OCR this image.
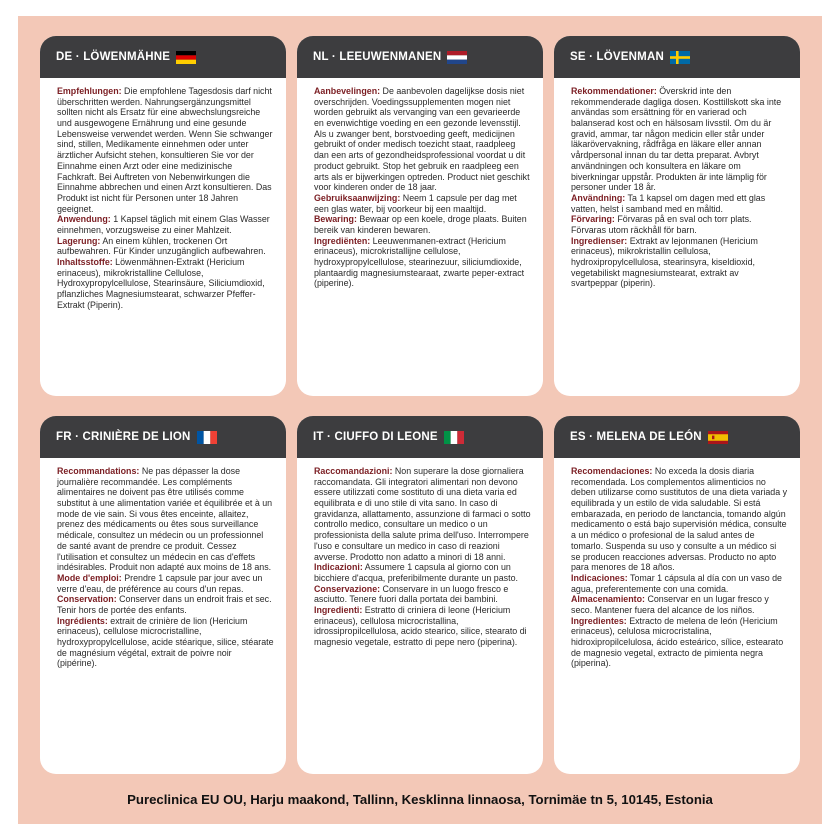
DE · LÖWENMÄHNE

Empfehlungen: Die empfohlene Tagesdosis darf nicht überschritten werden. Nahrungsergänzungsmittel sollten nicht als Ersatz für eine abwechslungsreiche und ausgewogene Ernährung und eine gesunde Lebensweise verwendet werden. Wenn Sie schwanger sind, stillen, Medikamente einnehmen oder unter ärztlicher Aufsicht stehen, konsultieren Sie vor der Einnahme einen Arzt oder eine medizinische Fachkraft. Bei Auftreten von Nebenwirkungen die Einnahme abbrechen und einen Arzt konsultieren. Das Produkt ist nicht für Personen unter 18 Jahren geeignet.

Anwendung: 1 Kapsel täglich mit einem Glas Wasser einnehmen, vorzugsweise zu einer Mahlzeit.

Lagerung: An einem kühlen, trockenen Ort aufbewahren. Für Kinder unzugänglich aufbewahren.

Inhaltsstoffe: Löwenmähnen-Extrakt (Hericium erinaceus), mikrokristalline Cellulose, Hydroxypropylcellulose, Stearinsäure, Siliciumdioxid, pflanzliches Magnesiumstearat, schwarzer Pfeffer-Extrakt (Piperin).

NL · LEEUWENMANEN

Aanbevelingen: De aanbevolen dagelijkse dosis niet overschrijden. Voedingssupplementen mogen niet worden gebruikt als vervanging van een gevarieerde en evenwichtige voeding en een gezonde levensstijl. Als u zwanger bent, borstvoeding geeft, medicijnen gebruikt of onder medisch toezicht staat, raadpleeg dan een arts of gezondheidsprofessional voordat u dit product gebruikt. Stop het gebruik en raadpleeg een arts als er bijwerkingen optreden. Product niet geschikt voor kinderen onder de 18 jaar.

Gebruiksaanwijzing: Neem 1 capsule per dag met een glas water, bij voorkeur bij een maaltijd.

Bewaring: Bewaar op een koele, droge plaats. Buiten bereik van kinderen bewaren.

Ingrediënten: Leeuwenmanen-extract (Hericium erinaceus), microkristallijne cellulose, hydroxypropylcellulose, stearinezuur, siliciumdioxide, plantaardig magnesiumstearaat, zwarte peper-extract (piperine).

SE · LÖVENMAN

Rekommendationer: Överskrid inte den rekommenderade dagliga dosen. Kosttillskott ska inte användas som ersättning för en varierad och balanserad kost och en hälsosam livsstil. Om du är gravid, ammar, tar någon medicin eller står under läkarövervakning, rådfråga en läkare eller annan vårdpersonal innan du tar detta preparat. Avbryt användningen och konsultera en läkare om biverkningar uppstår. Produkten är inte lämplig för personer under 18 år.

Användning: Ta 1 kapsel om dagen med ett glas vatten, helst i samband med en måltid.

Förvaring: Förvaras på en sval och torr plats. Förvaras utom räckhåll för barn.

Ingredienser: Extrakt av lejonmanen (Hericium erinaceus), mikrokristallin cellulosa, hydroxipropylcellulosa, stearinsyra, kiseldioxid, vegetabiliskt magnesiumstearat, extrakt av svartpeppar (piperin).

FR · CRINIÈRE DE LION

Recommandations: Ne pas dépasser la dose journalière recommandée. Les compléments alimentaires ne doivent pas être utilisés comme substitut à une alimentation variée et équilibrée et à un mode de vie sain. Si vous êtes enceinte, allaitez, prenez des médicaments ou êtes sous surveillance médicale, consultez un médecin ou un professionnel de santé avant de prendre ce produit. Cessez l'utilisation et consultez un médecin en cas d'effets indésirables. Produit non adapté aux moins de 18 ans.

Mode d'emploi: Prendre 1 capsule par jour avec un verre d'eau, de préférence au cours d'un repas.

Conservation: Conserver dans un endroit frais et sec. Tenir hors de portée des enfants.

Ingrédients: extrait de crinière de lion (Hericium erinaceus), cellulose microcristalline, hydroxypropylcellulose, acide stéarique, silice, stéarate de magnésium végétal, extrait de poivre noir (pipérine).

IT · CIUFFO DI LEONE

Raccomandazioni: Non superare la dose giornaliera raccomandata. Gli integratori alimentari non devono essere utilizzati come sostituto di una dieta varia ed equilibrata e di uno stile di vita sano. In caso di gravidanza, allattamento, assunzione di farmaci o sotto controllo medico, consultare un medico o un professionista della salute prima dell'uso. Interrompere l'uso e consultare un medico in caso di reazioni avverse. Prodotto non adatto a minori di 18 anni.

Indicazioni: Assumere 1 capsula al giorno con un bicchiere d'acqua, preferibilmente durante un pasto.

Conservazione: Conservare in un luogo fresco e asciutto. Tenere fuori dalla portata dei bambini.

Ingredienti: Estratto di criniera di leone (Hericium erinaceus), cellulosa microcristallina, idrossipropilcellulosa, acido stearico, silice, stearato di magnesio vegetale, estratto di pepe nero (piperina).

ES · MELENA DE LEÓN

Recomendaciones: No exceda la dosis diaria recomendada. Los complementos alimenticios no deben utilizarse como sustitutos de una dieta variada y equilibrada y un estilo de vida saludable. Si está embarazada, en periodo de lanctancia, tomando algún medicamento o está bajo supervisión médica, consulte a un médico o profesional de la salud antes de tomarlo. Suspenda su uso y consulte a un médico si se producen reacciones adversas. Producto no apto para menores de 18 años.

Indicaciones: Tomar 1 cápsula al día con un vaso de agua, preferentemente con una comida.

Almacenamiento: Conservar en un lugar fresco y seco. Mantener fuera del alcance de los niños.

Ingredientes: Extracto de melena de león (Hericium erinaceus), celulosa microcristalina, hidroxipropilcelulosa, ácido esteárico, sílice, estearato de magnesio vegetal, extracto de pimienta negra (piperina).

Pureclinica EU OU, Harju maakond, Tallinn, Kesklinna linnaosa, Tornimäe tn 5, 10145, Estonia
